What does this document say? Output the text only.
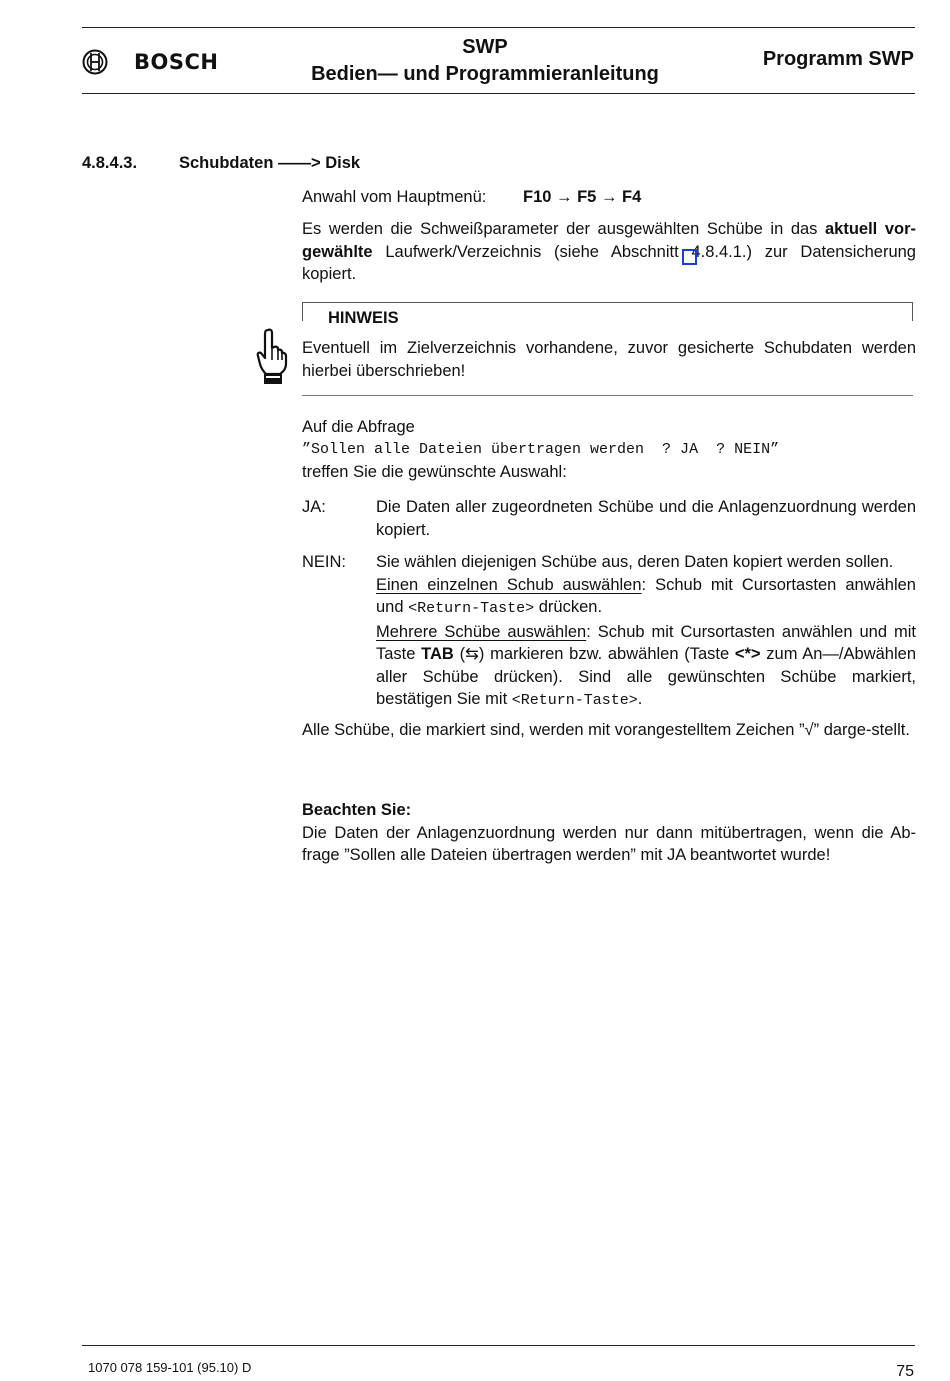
BOSCH
SWP
Bedien— und Programmieranleitung
Programm SWP
4.8.4.3.	Schubdaten ——> Disk
Anwahl vom Hauptmenü: F10 → F5 → F4
Es werden die Schweißparameter der ausgewählten Schübe in das aktuell vor-gewählte Laufwerk/Verzeichnis (siehe Abschnitt 4.8.4.1.) zur Datensicherung kopiert.
HINWEIS
Eventuell im Zielverzeichnis vorhandene, zuvor gesicherte Schubdaten werden hierbei überschrieben!
Auf die Abfrage
”Sollen alle Dateien übertragen werden  ? JA  ? NEIN”
treffen Sie die gewünschte Auswahl:
JA:	Die Daten aller zugeordneten Schübe und die Anlagenzuordnung werden kopiert.
NEIN: Sie wählen diejenigen Schübe aus, deren Daten kopiert werden sollen.
Einen einzelnen Schub auswählen: Schub mit Cursortasten anwählen und <Return-Taste> drücken.
Mehrere Schübe auswählen: Schub mit Cursortasten anwählen und mit Taste TAB (⇆) markieren bzw. abwählen (Taste <*> zum An—/Abwählen aller Schübe drücken). Sind alle gewünschten Schübe markiert, bestätigen Sie mit <Return-Taste>.
Alle Schübe, die markiert sind, werden mit vorangestelltem Zeichen ”√” darge-stellt.
Beachten Sie:
Die Daten der Anlagenzuordnung werden nur dann mitübertragen, wenn die Ab-frage ”Sollen alle Dateien übertragen werden” mit JA beantwortet wurde!
1070 078 159-101 (95.10) D	75
